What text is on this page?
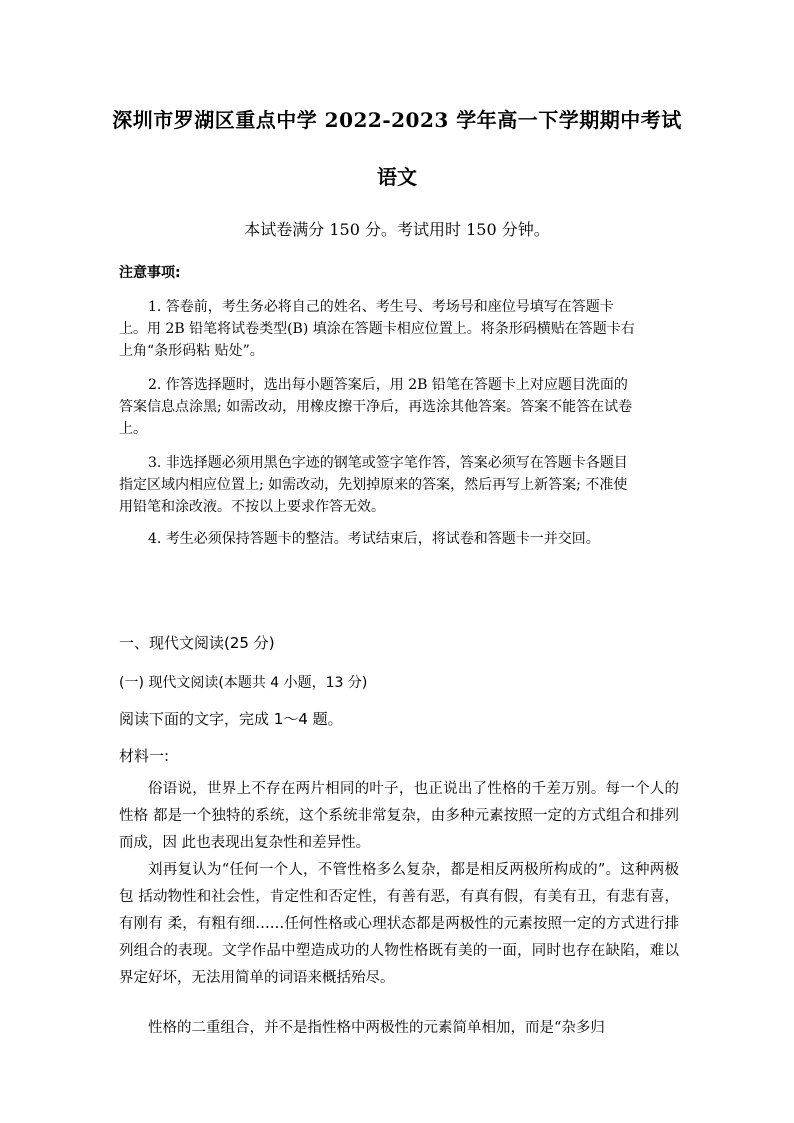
深圳市罗湖区重点中学 2022-2023 学年高一下学期期中考试
语文
本试卷满分 150 分。考试用时 150 分钟。
注意事项:
1. 答卷前，考生务必将自己的姓名、考生号、考场号和座位号填写在答题卡上。用 2B 铅笔将试卷类型(B) 填涂在答题卡相应位置上。将条形码横贴在答题卡右上角“条形码粘 贴处”。
2. 作答选择题时，选出每小题答案后，用 2B 铅笔在答题卡上对应题目洗面的答案信息点涂黑; 如需改动，用橡皮擦干净后，再选涂其他答案。答案不能答在试卷上。
3. 非选择题必须用黑色字迹的钢笔或签字笔作答，答案必须写在答题卡各题目指定区域内相应位置上; 如需改动，先划掉原来的答案，然后再写上新答案; 不准使用铅笔和涂改液。不按以上要求作答无效。
4. 考生必须保持答题卡的整洁。考试结束后，将试卷和答题卡一并交回。
一、现代文阅读(25 分)
(一) 现代文阅读(本题共 4 小题，13 分)
阅读下面的文字，完成 1～4 题。
材料一:
俗语说，世界上不存在两片相同的叶子，也正说出了性格的千差万别。每一个人的性格 都是一个独特的系统，这个系统非常复杂，由多种元素按照一定的方式组合和排列而成，因 此也表现出复杂性和差异性。
刘再复认为“任何一个人，不管性格多么复杂，都是相反两极所构成的”。这种两极包 括动物性和社会性，肯定性和否定性，有善有恶，有真有假，有美有丑，有悲有喜，有刚有 柔，有粗有细……任何性格或心理状态都是两极性的元素按照一定的方式进行排列组合的表现。文学作品中塑造成功的人物性格既有美的一面，同时也存在缺陷，难以界定好坏，无法用简单的词语来概括殆尽。
性格的二重组合，并不是指性格中两极性的元素简单相加，而是“杂多归
